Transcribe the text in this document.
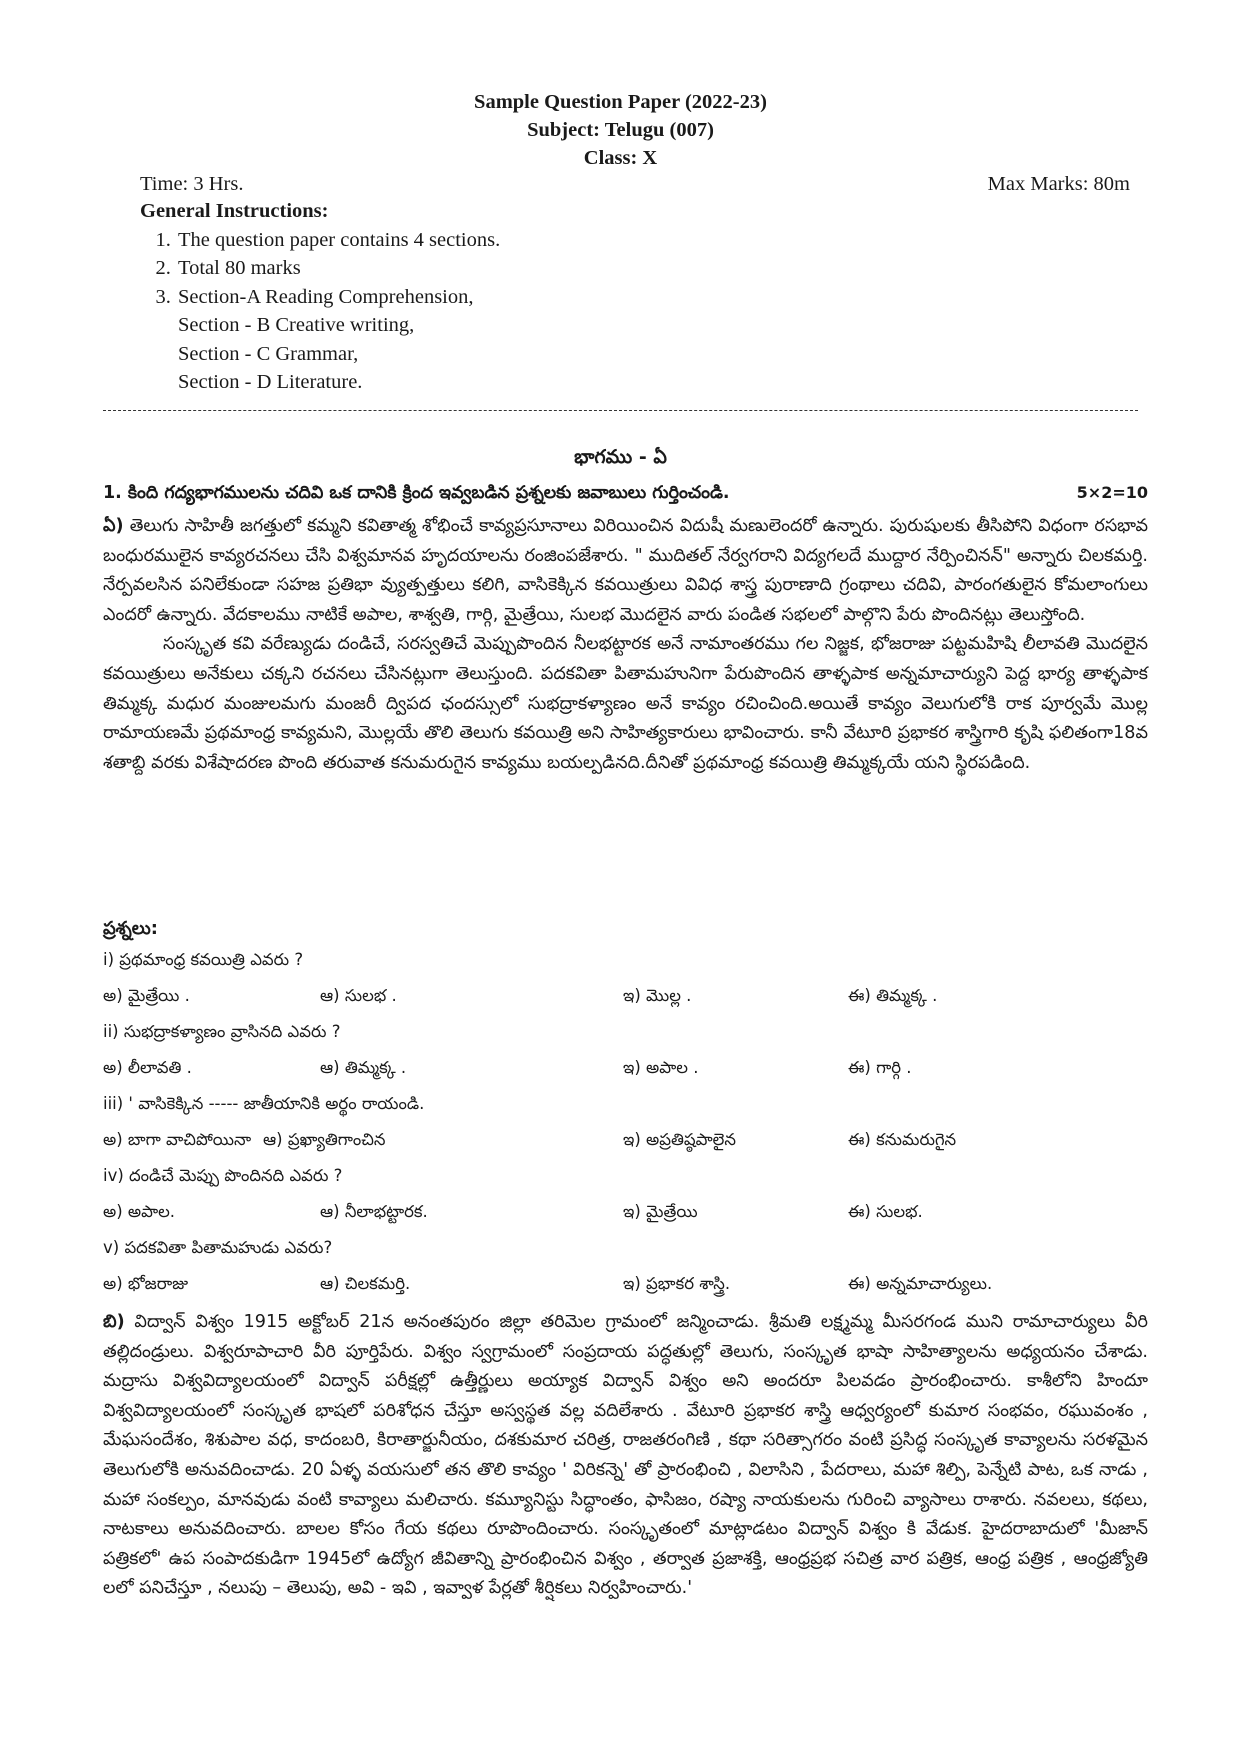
Sample Question Paper (2022-23)
Subject: Telugu (007)
Class: X
Time: 3 Hrs.	Max Marks: 80m
General Instructions:
1. The question paper contains 4 sections.
2. Total 80 marks
3. Section-A Reading Comprehension,
Section - B Creative writing,
Section - C Grammar,
Section - D Literature.
భాగము - ఏ
1. కింది గద్యభాగములను చదివి ఒక దానికి క్రింద ఇవ్వబడిన ప్రశ్నలకు జవాబులు గుర్తించండి.	5×2=10

ఏ) తెలుగు సాహితీ జగత్తులో కమ్మని కవితాత్మ శోభించే కావ్యప్రసూనాలు విరియించిన విదుషీ మణులెందరో ఉన్నారు. పురుషులకు తీసిపోని విధంగా రసభావ బంధురములైన కావ్యరచనలు చేసి విశ్వమానవ హృదయాలను రంజింపజేశారు. " ముదితల్ నేర్వగరాని విద్యగలదే ముద్దార నేర్పించినన్" అన్నారు చిలకమర్తి. నేర్పవలసిన పనిలేకుండా సహజ ప్రతిభా వ్యుత్పత్తులు కలిగి, వాసికెక్కిన కవయిత్రులు వివిధ శాస్త్ర పురాణాది గ్రంథాలు చదివి, పారంగతులైన కోమలాంగులు ఎందరో ఉన్నారు. వేదకాలము నాటికే అపాల, శాశ్వతి, గార్గి, మైత్రేయి, సులభ మొదలైన వారు పండిత సభలలో పాల్గొని పేరు పొందినట్లు తెలుస్తోంది.

సంస్కృత కవి వరేణ్యుడు దండిచే, సరస్వతిచే మెప్పుపొందిన నీలభట్టారక అనే నామాంతరము గల నిజ్జక, భోజరాజు పట్టమహిషి లీలావతి మొదలైన కవయిత్రులు అనేకులు చక్కని రచనలు చేసినట్లుగా తెలుస్తుంది. పదకవితా పితామహునిగా పేరుపొందిన తాళ్ళపాక అన్నమాచార్యుని పెద్ద భార్య తాళ్ళపాక తిమ్మక్క మధుర మంజులమగు మంజరీ ద్విపద ఛందస్సులో సుభద్రాకళ్యాణం అనే కావ్యం రచించింది.అయితే కావ్యం వెలుగులోకి రాక పూర్వమే మొల్ల రామాయణమే ప్రథమాంధ్ర కావ్యమని, మొల్లయే తొలి తెలుగు కవయిత్రి అని సాహిత్యకారులు భావించారు. కానీ వేటూరి ప్రభాకర శాస్త్రిగారి కృషి ఫలితంగా18వ శతాబ్ది వరకు విశేషాదరణ పొంది తరువాత కనుమరుగైన కావ్యము బయల్పడినది.దీనితో ప్రథమాంధ్ర కవయిత్రి తిమ్మక్కయే యని స్థిరపడింది.

ప్రశ్నలు:
i) ప్రథమాంధ్ర కవయిత్రి ఎవరు ?
అ) మైత్రేయి .	ఆ) సులభ .	ఇ) మొల్ల .	ఈ) తిమ్మక్క .
ii) సుభద్రాకళ్యాణం వ్రాసినది ఎవరు ?
అ) లీలావతి .	ఆ) తిమ్మక్క .	ఇ) అపాల .	ఈ) గార్గి .
iii) ' వాసికెక్కిన ----- జాతీయానికి అర్థం రాయండి.
అ) బాగా వాచిపోయినా ఆ) ప్రఖ్యాతిగాంచిన	ఇ) అప్రతిష్ఠపాలైన	ఈ) కనుమరుగైన
iv) దండిచే మెప్పు పొందినది ఎవరు ?
అ) అపాల.	ఆ) నీలాభట్టారక.	ఇ) మైత్రేయి	ఈ) సులభ.
v) పదకవితా పితామహుడు ఎవరు?
అ) భోజరాజు	ఆ) చిలకమర్తి.	ఇ) ప్రభాకర శాస్త్రి.	ఈ) అన్నమాచార్యులు.

బి) విద్వాన్ విశ్వం 1915 అక్టోబర్ 21న అనంతపురం జిల్లా తరిమెల గ్రామంలో జన్మించాడు. శ్రీమతి లక్ష్మమ్మ మీసరగండ ముని రామాచార్యులు వీరి తల్లిదండ్రులు. విశ్వరూపాచారి వీరి పూర్తిపేరు. విశ్వం స్వగ్రామంలో సంప్రదాయ పద్ధతుల్లో తెలుగు, సంస్కృత భాషా సాహిత్యాలను అధ్యయనం చేశాడు. మద్రాసు విశ్వవిద్యాలయంలో విద్వాన్ పరీక్షల్లో ఉత్తీర్ణులు అయ్యాక విద్వాన్ విశ్వం అని అందరూ పిలవడం ప్రారంభించారు. కాశీలోని హిందూ విశ్వవిద్యాలయంలో సంస్కృత భాషలో పరిశోధన చేస్తూ అస్వస్థత వల్ల వదిలేశారు . వేటూరి ప్రభాకర శాస్త్రి ఆధ్వర్యంలో కుమార సంభవం, రఘువంశం , మేఘసందేశం, శిశుపాల వధ, కాదంబరి, కిరాతార్జునీయం, దశకుమార చరిత్ర, రాజతరంగిణి , కథా సరిత్సాగరం వంటి ప్రసిద్ధ సంస్కృత కావ్యాలను సరళమైన తెలుగులోకి అనువదించాడు. 20 ఏళ్ళ వయసులో తన తొలి కావ్యం ' విరికన్నె' తో ప్రారంభించి , విలాసిని , పేదరాలు, మహా శిల్పి, పెన్నేటి పాట, ఒక నాడు , మహా సంకల్పం, మానవుడు వంటి కావ్యాలు మలిచారు. కమ్యూనిస్టు సిద్ధాంతం, ఫాసిజం, రష్యా నాయకులను గురించి వ్యాసాలు రాశారు. నవలలు, కథలు, నాటకాలు అనువదించారు. బాలల కోసం గేయ కథలు రూపొందించారు. సంస్కృతంలో మాట్లాడటం విద్వాన్ విశ్వం కి వేడుక. హైదరాబాదులో 'మీజాన్ పత్రికలో' ఉప సంపాదకుడిగా 1945లో ఉద్యోగ జీవితాన్ని ప్రారంభించిన విశ్వం , తర్వాత ప్రజాశక్తి, ఆంధ్రప్రభ సచిత్ర వార పత్రిక, ఆంధ్ర పత్రిక , ఆంధ్రజ్యోతి లలో పనిచేస్తూ , నలుపు – తెలుపు, అవి - ఇవి , ఇవ్వాళ పేర్లతో శీర్షికలు నిర్వహించారు.'
